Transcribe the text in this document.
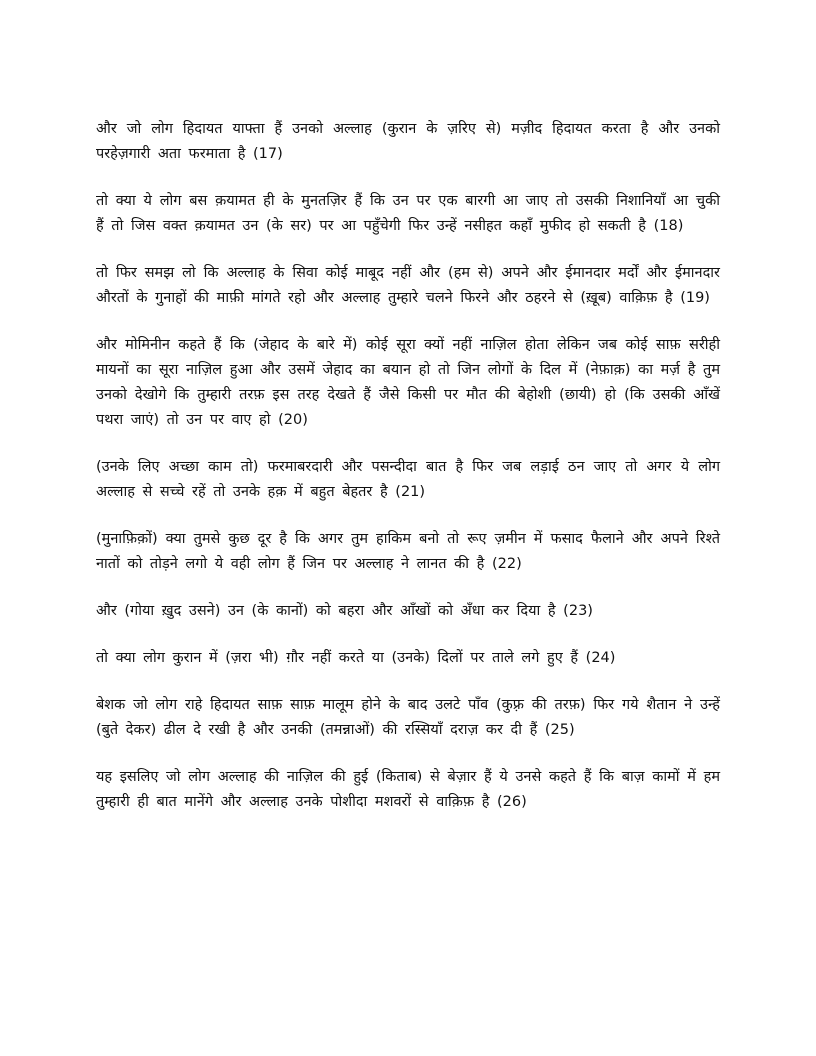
और जो लोग हिदायत याफ्ता हैं उनको अल्लाह (कुरान के ज़रिए से) मज़ीद हिदायत करता है और उनको परहेज़गारी अता फरमाता है (17)

तो क्या ये लोग बस क़यामत ही के मुनतज़िर हैं कि उन पर एक बारगी आ जाए तो उसकी निशानियाँ आ चुकी हैं तो जिस वक्त क़यामत उन (के सर) पर आ पहुँचेगी फिर उन्हें नसीहत कहाँ मुफीद हो सकती है (18)

तो फिर समझ लो कि अल्लाह के सिवा कोई माबूद नहीं और (हम से) अपने और ईमानदार मर्दों और ईमानदार औरतों के गुनाहों की माफ़ी मांगते रहो और अल्लाह तुम्हारे चलने फिरने और ठहरने से (ख़ूब) वाक़िफ़ है (19)

और मोमिनीन कहते हैं कि (जेहाद के बारे में) कोई सूरा क्यों नहीं नाज़िल होता लेकिन जब कोई साफ़ सरीही मायनों का सूरा नाज़िल हुआ और उसमें जेहाद का बयान हो तो जिन लोगों के दिल में (नेफ़ाक़) का मर्ज़ है तुम उनको देखोगे कि तुम्हारी तरफ़ इस तरह देखते हैं जैसे किसी पर मौत की बेहोशी (छायी) हो (कि उसकी आँखें पथरा जाएं) तो उन पर वाए हो (20)

(उनके लिए अच्छा काम तो) फरमाबरदारी और पसन्दीदा बात है फिर जब लड़ाई ठन जाए तो अगर ये लोग अल्लाह से सच्चे रहें तो उनके हक़ में बहुत बेहतर है (21)

(मुनाफ़िक़ों) क्या तुमसे कुछ दूर है कि अगर तुम हाकिम बनो तो रूए ज़मीन में फसाद फैलाने और अपने रिश्ते नातों को तोड़ने लगो ये वही लोग हैं जिन पर अल्लाह ने लानत की है (22)

और (गोया ख़ुद उसने) उन (के कानों) को बहरा और आँखों को अँधा कर दिया है (23)

तो क्या लोग कुरान में (ज़रा भी) ग़ौर नहीं करते या (उनके) दिलों पर ताले लगे हुए हैं (24)

बेशक जो लोग राहे हिदायत साफ़ साफ़ मालूम होने के बाद उलटे पाँव (कुफ़्र की तरफ़) फिर गये शैतान ने उन्हें (बुते देकर) ढील दे रखी है और उनकी (तमन्नाओं) की रस्सियाँ दराज़ कर दी हैं (25)

यह इसलिए जो लोग अल्लाह की नाज़िल की हुई (किताब) से बेज़ार हैं ये उनसे कहते हैं कि बाज़ कामों में हम तुम्हारी ही बात मानेंगे और अल्लाह उनके पोशीदा मशवरों से वाक़िफ़ है (26)
